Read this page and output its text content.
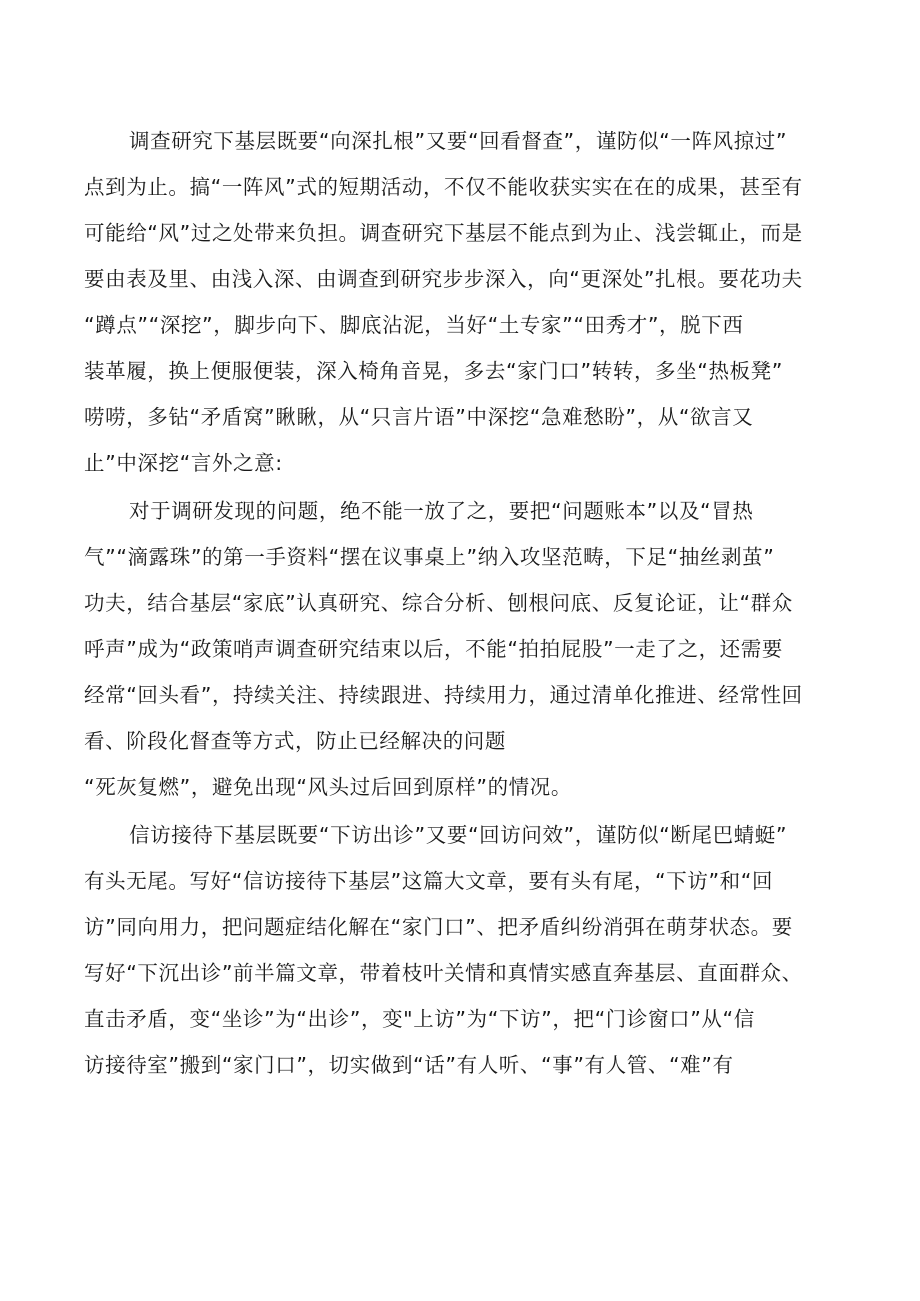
调查研究下基层既要“向深扎根”又要“回看督查”，谨防似“一阵风掠过”
点到为止。搞“一阵风”式的短期活动，不仅不能收获实实在在的成果，甚至有
可能给“风”过之处带来负担。调查研究下基层不能点到为止、浅尝辄止，而是
要由表及里、由浅入深、由调查到研究步步深入，向“更深处”扎根。要花功夫
“蹲点”“深挖”，脚步向下、脚底沾泥，当好“土专家”“田秀才”，脱下西
装革履，换上便服便装，深入椅角音晃，多去“家门口”转转，多坐“热板凳”
唠唠，多钻“矛盾窝”瞅瞅，从“只言片语”中深挖“急难愁盼”，从“欲言又
止”中深挖“言外之意:
对于调研发现的问题，绝不能一放了之，要把“问题账本”以及“冒热
气”“滴露珠”的第一手资料“摆在议事桌上”纳入攻坚范畴，下足“抽丝剥茧”
功夫，结合基层“家底”认真研究、综合分析、刨根问底、反复论证，让“群众
呼声”成为“政策哨声调查研究结束以后，不能“拍拍屁股”一走了之，还需要
经常“回头看”，持续关注、持续跟进、持续用力，通过清单化推进、经常性回
看、阶段化督查等方式，防止已经解决的问题
“死灰复燃”，避免出现“风头过后回到原样”的情况。
信访接待下基层既要“下访出诊”又要“回访问效”，谨防似“断尾巴蜻蜓”
有头无尾。写好“信访接待下基层”这篇大文章，要有头有尾，“下访”和“回
访”同向用力，把问题症结化解在“家门口”、把矛盾纠纷消弭在萌芽状态。要
写好“下沉出诊”前半篇文章，带着枝叶关情和真情实感直奔基层、直面群众、
直击矛盾，变“坐诊”为“出诊”，变"上访”为“下访”，把“门诊窗口”从“信
访接待室”搬到“家门口”，切实做到“话”有人听、“事”有人管、“难”有
